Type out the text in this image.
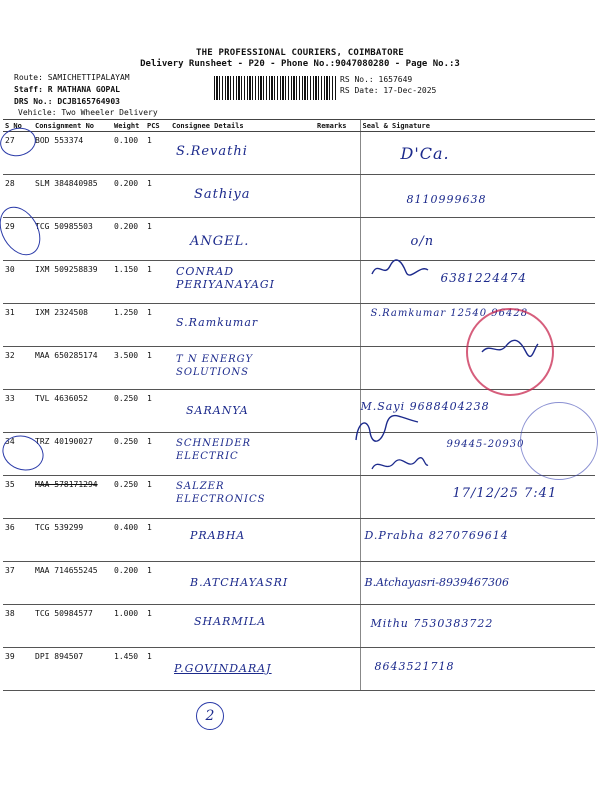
THE PROFESSIONAL COURIERS, COIMBATORE
Delivery Runsheet - P20 - Phone No.:9047080280 - Page No.:3
Route: SAMICHETTIPALAYAM
Staff: R MATHANA GOPAL
DRS No.: DCJB165764903
Vehicle: Two Wheeler Delivery
RS No.: 1657649
RS Date: 17-Dec-2025
S No	Consignment No	Weight	PCS	Consignee Details	Remarks	Seal & Signature
27	BOD 553374	0.100	1	S.Revathi		D'Ca.

28	SLM 384840985	0.200	1	Sathiya		8110999638

29	TCG 50985503	0.200	1	ANGEL.		o/n

30	IXM 509258839	1.150	1	CONRAD PERIYANAYAGI		6381224474

31	IXM 2324508	1.250	1	S.Ramkumar		S.Ramkumar 12540 96428

32	MAA 650285174	3.500	1	T N ENERGY SOLUTIONS		

33	TVL 4636052	0.250	1	SARANYA		M.Sayi 9688404238

34	TRZ 40190027	0.250	1	SCHNEIDER ELECTRIC		99445-20930

35	MAA 578171294	0.250	1	SALZER ELECTRONICS		17/12/25 7:41

36	TCG 539299	0.400	1	PRABHA		D.Prabha 8270769614

37	MAA 714655245	0.200	1	B.ATCHAYASRI		B.Atchayasri-8939467306

38	TCG 50984577	1.000	1	SHARMILA		Mithu 7530383722

39	DPI 894507	1.450	1	P.GOVINDARAJ		8643521718
2
